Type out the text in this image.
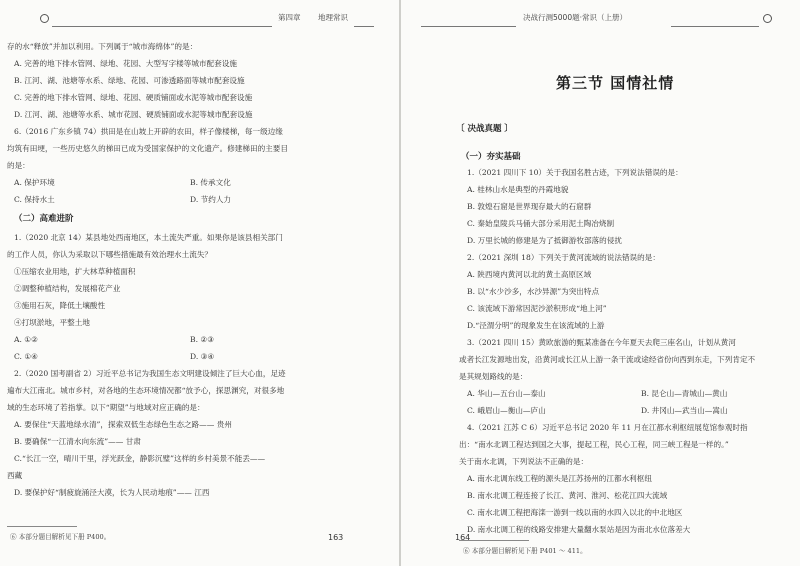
第四章 地理常识
存的水“释放”并加以利用。下列属于“城市海绵体”的是：
A. 完善的地下排水管网、绿地、花园、大型写字楼等城市配套设施
B. 江河、湖、池塘等水系、绿地、花园、可渗透路面等城市配套设施
C. 完善的地下排水管网、绿地、花园、硬质铺面或水泥等城市配套设施
D. 江河、湖、池塘等水系、城市花园、硬质铺面或水泥等城市配套设施
6.（2016 广东乡镇 74）拱田是在山坡上开辟的农田，样子像楼梯，每一级边缘
均筑有田埂，一些历史悠久的梯田已成为受国家保护的文化遗产。修建梯田的主要目
的是：
A. 保护环境	B. 传承文化
C. 保持水土	D. 节约人力
（二）高难进阶
1.（2020 北京 14）某县地处西南地区，本土流失严重。如果你是该县相关部门
的工作人员，你认为采取以下哪些措施最有效治理水土流失？
①压缩农业用地，扩大林草种植面积
②调整种植结构，发展棉花产业
③施用石灰，降低土壤酸性
④打坝淤地，平整土地
A. ①②	B. ②③
C. ①④	D. ③④
2.（2020 国考副省 2）习近平总书记为我国生态文明建设倾注了巨大心血，足迹
遍布大江南北。城市乡村，对各地的生态环境情况都“放予心，探思渊究，对很多地
域的生态环境了若指掌。以下“期望”与地域对应正确的是：
A. 要保住“天蓝地绿水清”，探索双低生态绿色生态之路—— 贵州
B. 要确保“一江清水向东流”—— 甘肃
C.“长江一空，晴川干里，浮光跃金，静影沉璧”这样的乡村美景不能丢——
西藏
D. 要保护好“制疲旋涌泾大漠，长为人民动地痕”—— 江西
⑥ 本部分题目解析见下册 P400。	163
决战行测5000题·常识（上册）
第三节 国情社情
〔 决战真题 〕
（一）夯实基础
1.（2021 四川下 10）关于我国名胜古迹，下列说法错误的是：
A. 桂林山水是典型的丹霞地貌
B. 敦煌石窟是世界现存最大的石窟群
C. 秦始皇陵兵马俑大部分采用泥土陶冶烧制
D. 万里长城的修建是为了抵御游牧部落的侵扰
2.（2021 深圳 18）下列关于黄河流域的说法错误的是：
A. 陕西境内黄河以北的黄土高原区域
B. 以“水少沙多，水沙异源”为突出特点
C. 该流域下游常因泥沙淤积形成“地上河”
D.“泾渭分明”的现象发生在该流域的上游
3.（2021 四川 15）黄欧旅游的甄某准备在今年夏天去爬三座名山，计划从黄河
或者长江发源地出发，沿黄河或长江从上游一条干流或途经省份向西到东走，下列肯定不
是其规划路线的是：
A. 华山—五台山—泰山	B. 昆仑山—青城山—黄山
C. 峨眉山—衡山—庐山	D. 井冈山—武当山—嵩山
4.（2021 江苏 C 6）习近平总书记 2020 年 11 月在江都水利枢纽展览馆参观时指
出：“南水北调工程达到国之大事，提起工程，民心工程，同三峡工程是一样的。”
关于南水北调，下列说法不正确的是：
A. 南水北调东线工程的源头是江苏扬州的江都水利枢纽
B. 南水北调工程连接了长江、黄河、淮河、松花江四大流域
C. 南水北调工程把海滦一游到一线以南的水四入以北的中北地区
D. 南水北调工程的线路安排建大量翻水泵站是因为南北水位落差大
⑥ 本部分题目解析见下册 P401 ～ 411。
164
